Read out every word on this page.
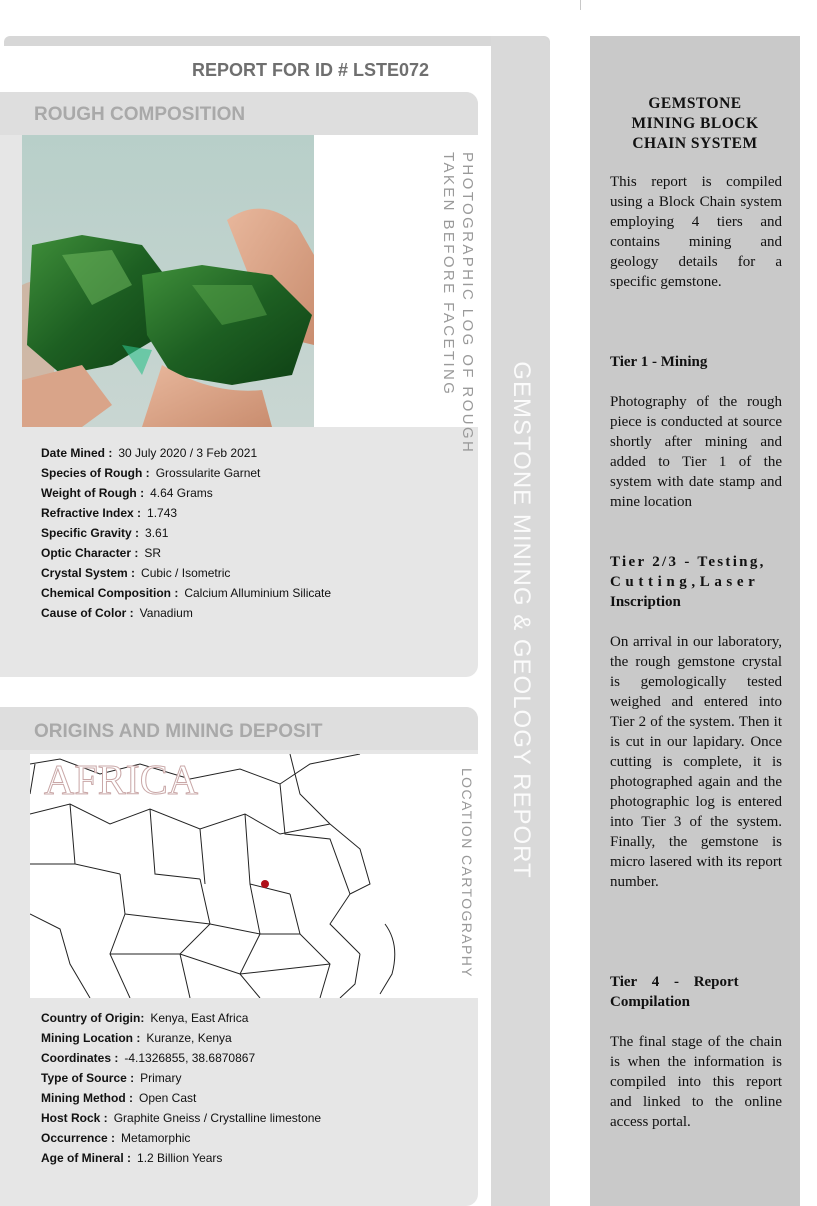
GEMSTONE MINING & GEOLOGY REPORT
REPORT FOR ID # LSTE072
ROUGH COMPOSITION
PHOTOGRAPHIC LOG OF ROUGH
TAKEN BEFORE FACETING
Date Mined : 30 July 2020 / 3 Feb 2021
Species of Rough : Grossularite Garnet
Weight of Rough : 4.64 Grams
Refractive Index : 1.743
Specific Gravity : 3.61
Optic Character : SR
Crystal System : Cubic / Isometric
Chemical Composition : Calcium Alluminium Silicate
Cause of Color : Vanadium
ORIGINS AND MINING DEPOSIT
AFRICA	LOCATION CARTOGRAPHY
Country of Origin: Kenya, East Africa
Mining Location : Kuranze, Kenya
Coordinates : -4.1326855, 38.6870867
Type of Source : Primary
Mining Method : Open Cast
Host Rock : Graphite Gneiss / Crystalline limestone
Occurrence : Metamorphic
Age of Mineral : 1.2 Billion Years
GEMSTONE
MINING BLOCK
CHAIN SYSTEM
This report is compiled using a Block Chain system employing 4 tiers and contains mining and geology details for a specific gemstone.
Tier 1 - Mining
Photography of the rough piece is conducted at source shortly after mining and added to Tier 1 of the system with date stamp and mine location
Tier 2/3 - Testing,
Cutting,Laser
Inscription
On arrival in our laboratory, the rough gemstone crystal is gemologically tested weighed and entered into Tier 2 of the system. Then it is cut in our lapidary. Once cutting is complete, it is photographed again and the photographic log is entered into Tier 3 of the system. Finally, the gemstone is micro lasered with its report number.
Tier 4 - Report
Compilation
The final stage of the chain is when the information is compiled into this report and linked to the online access portal.
